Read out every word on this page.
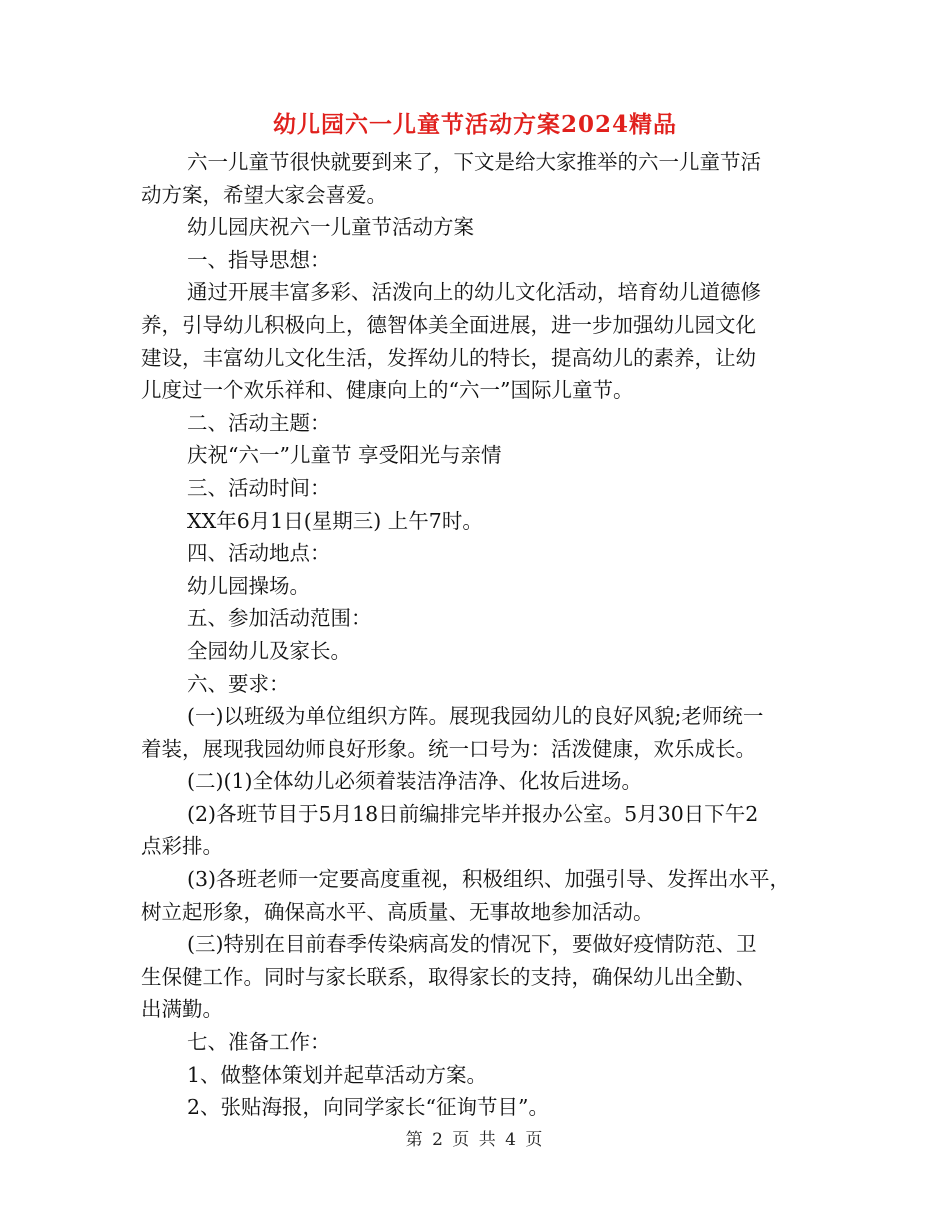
幼儿园六一儿童节活动方案2024精品

六一儿童节很快就要到来了，下文是给大家推举的六一儿童节活

动方案，希望大家会喜爱。

幼儿园庆祝六一儿童节活动方案

一、指导思想：

通过开展丰富多彩、活泼向上的幼儿文化活动，培育幼儿道德修

养，引导幼儿积极向上，德智体美全面进展，进一步加强幼儿园文化

建设，丰富幼儿文化生活，发挥幼儿的特长，提高幼儿的素养，让幼

儿度过一个欢乐祥和、健康向上的“六一”国际儿童节。

二、活动主题：

庆祝“六一”儿童节 享受阳光与亲情

三、活动时间：

XX年6月1日(星期三) 上午7时。

四、活动地点：

幼儿园操场。

五、参加活动范围：

全园幼儿及家长。

六、要求：

(一)以班级为单位组织方阵。展现我园幼儿的良好风貌;老师统一

着装，展现我园幼师良好形象。统一口号为：活泼健康，欢乐成长。

(二)(1)全体幼儿必须着装洁净洁净、化妆后进场。

(2)各班节目于5月18日前编排完毕并报办公室。5月30日下午2

点彩排。

(3)各班老师一定要高度重视，积极组织、加强引导、发挥出水平，

树立起形象，确保高水平、高质量、无事故地参加活动。

(三)特别在目前春季传染病高发的情况下，要做好疫情防范、卫

生保健工作。同时与家长联系，取得家长的支持，确保幼儿出全勤、

出满勤。

七、准备工作：

1、做整体策划并起草活动方案。

2、张贴海报，向同学家长“征询节目”。

第 2 页 共 4 页
